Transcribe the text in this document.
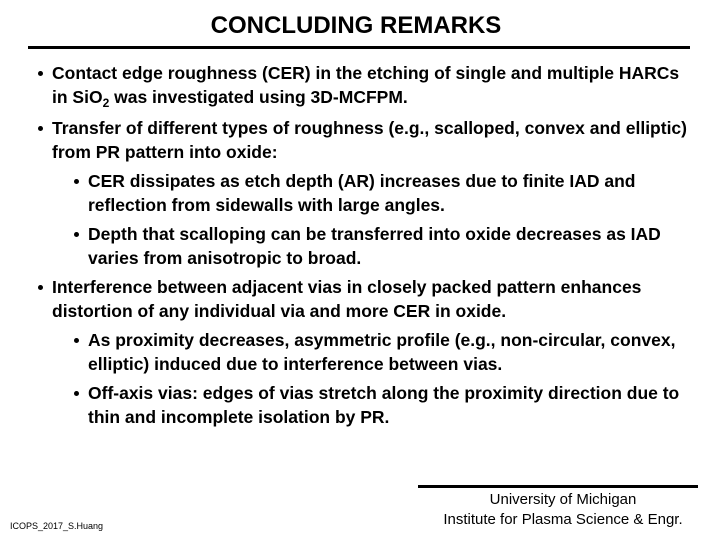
CONCLUDING REMARKS
Contact edge roughness (CER) in the etching of single and multiple HARCs in SiO$_2$ was investigated using 3D-MCFPM.
Transfer of different types of roughness (e.g., scalloped, convex and elliptic) from PR pattern into oxide:
CER dissipates as etch depth (AR) increases due to finite IAD and reflection from sidewalls with large angles.
Depth that scalloping can be transferred into oxide decreases as IAD varies from anisotropic to broad.
Interference between adjacent vias in closely packed pattern enhances distortion of any individual via and more CER in oxide.
As proximity decreases, asymmetric profile (e.g., non-circular, convex, elliptic) induced due to interference between vias.
Off-axis vias: edges of vias stretch along the proximity direction due to thin and incomplete isolation by PR.
ICOPS_2017_S.Huang
University of Michigan
Institute for Plasma Science & Engr.
